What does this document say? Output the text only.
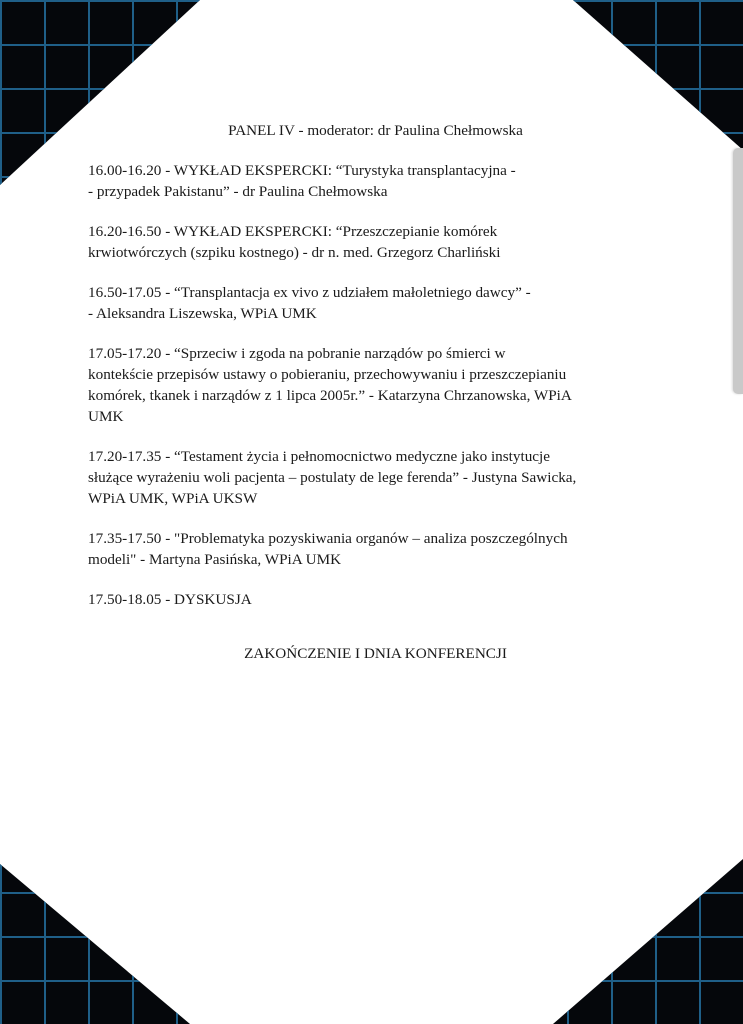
PANEL IV - moderator: dr Paulina Chełmowska
16.00-16.20 - WYKŁAD EKSPERCKI: “Turystyka transplantacyjna -
- przypadek Pakistanu” - dr Paulina Chełmowska
16.20-16.50 - WYKŁAD EKSPERCKI: “Przeszczepianie komórek
krwiotwórczych (szpiku kostnego) - dr n. med. Grzegorz Charliński
16.50-17.05 - “Transplantacja ex vivo z udziałem małoletniego dawcy” -
- Aleksandra Liszewska, WPiA UMK
17.05-17.20 - “Sprzeciw i zgoda na pobranie narządów po śmierci w
kontekście przepisów ustawy o pobieraniu, przechowywaniu i przeszczepianiu
komórek, tkanek i narządów z 1 lipca 2005r.” - Katarzyna Chrzanowska, WPiA
UMK
17.20-17.35 - “Testament życia i pełnomocnictwo medyczne jako instytucje
służące wyrażeniu woli pacjenta – postulaty de lege ferenda” - Justyna Sawicka,
WPiA UMK, WPiA UKSW
17.35-17.50 - "Problematyka pozyskiwania organów – analiza poszczególnych
modeli" - Martyna Pasińska, WPiA UMK
17.50-18.05 - DYSKUSJA
ZAKOŃCZENIE I DNIA KONFERENCJI
